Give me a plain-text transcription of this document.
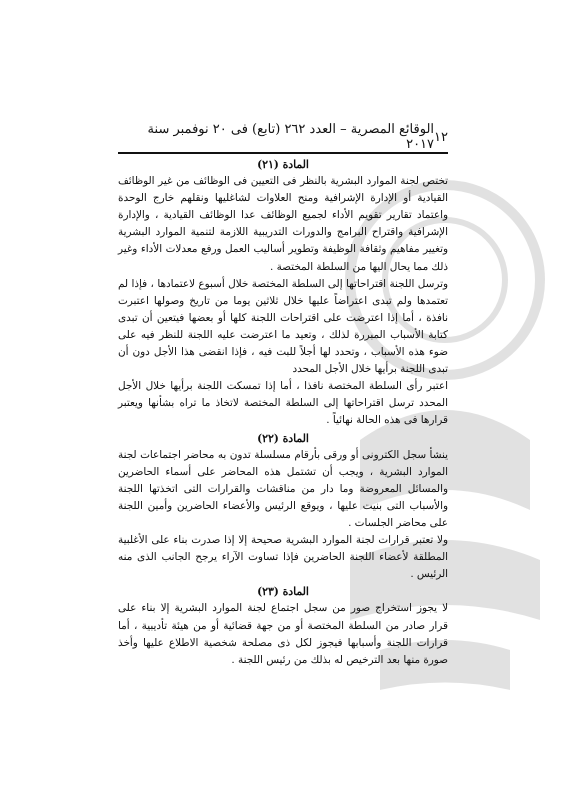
١٢
الوقائع المصرية – العدد ٢٦٢ (تابع) فى ٢٠ نوفمبر سنة ٢٠١٧
المادة (٢١)

تختص لجنة الموارد البشرية بالنظر فى التعيين فى الوظائف من غير الوظائف القيادية أو الإدارة الإشرافية ومنح العلاوات لشاغليها ونقلهم خارج الوحدة واعتماد تقارير تقويم الأداء لجميع الوظائف عدا الوظائف القيادية ، والإدارة الإشرافية واقتراح البرامج والدورات التدريبية اللازمة لتنمية الموارد البشرية وتغيير مفاهيم وثقافة الوظيفة وتطوير أساليب العمل ورفع معدلات الأداء وغير ذلك مما يحال اليها من السلطة المختصة .

وترسل اللجنة اقتراحاتها إلى السلطة المختصة خلال أسبوع لاعتمادها ، فإذا لم تعتمدها ولم تبدى اعتراضاً عليها خلال ثلاثين يوما من تاريخ وصولها اعتبرت نافذة ، أما إذا اعترضت على اقتراحات اللجنة كلها أو بعضها فيتعين أن تبدى كتابة الأسباب المبررة لذلك ، وتعيد ما اعترضت عليه اللجنة للنظر فيه على ضوء هذه الأسباب ، وتحدد لها أجلاً للبت فيه ، فإذا انقضى هذا الأجل دون أن تبدى اللجنة برأيها خلال الأجل المحدد

اعتبر رأى السلطة المختصة نافذا ، أما إذا تمسكت اللجنة برأيها خلال الأجل المحدد ترسل اقتراحاتها إلى السلطة المختصة لاتخاذ ما تراه بشأنها ويعتبر قرارها فى هذه الحالة نهائياً .

المادة (٢٢)

ينشأ سجل الكترونى أو ورقى بأرقام مسلسلة تدون به محاضر اجتماعات لجنة الموارد البشرية ، ويجب أن تشتمل هذه المحاضر على أسماء الحاضرين والمسائل المعروضة وما دار من مناقشات والقرارات التى اتخذتها اللجنة والأسباب التى بنيت عليها ، ويوقع الرئيس والأعضاء الحاضرين وأمين اللجنة على محاضر الجلسات .

ولا تعتبر قرارات لجنة الموارد البشرية صحيحة إلا إذا صدرت بناء على الأغلبية المطلقة لأعضاء اللجنة الحاضرين فإذا تساوت الآراء يرجح الجانب الذى منه الرئيس .

المادة (٢٣)

لا يجوز استخراج صور من سجل اجتماع لجنة الموارد البشرية إلا بناء على قرار صادر من السلطة المختصة أو من جهة قضائية أو من هيئة تأديبية ، أما قرارات اللجنة وأسبابها فيجوز لكل ذى مصلحة شخصية الاطلاع عليها وأخذ صورة منها بعد الترخيص له بذلك من رئيس اللجنة .
